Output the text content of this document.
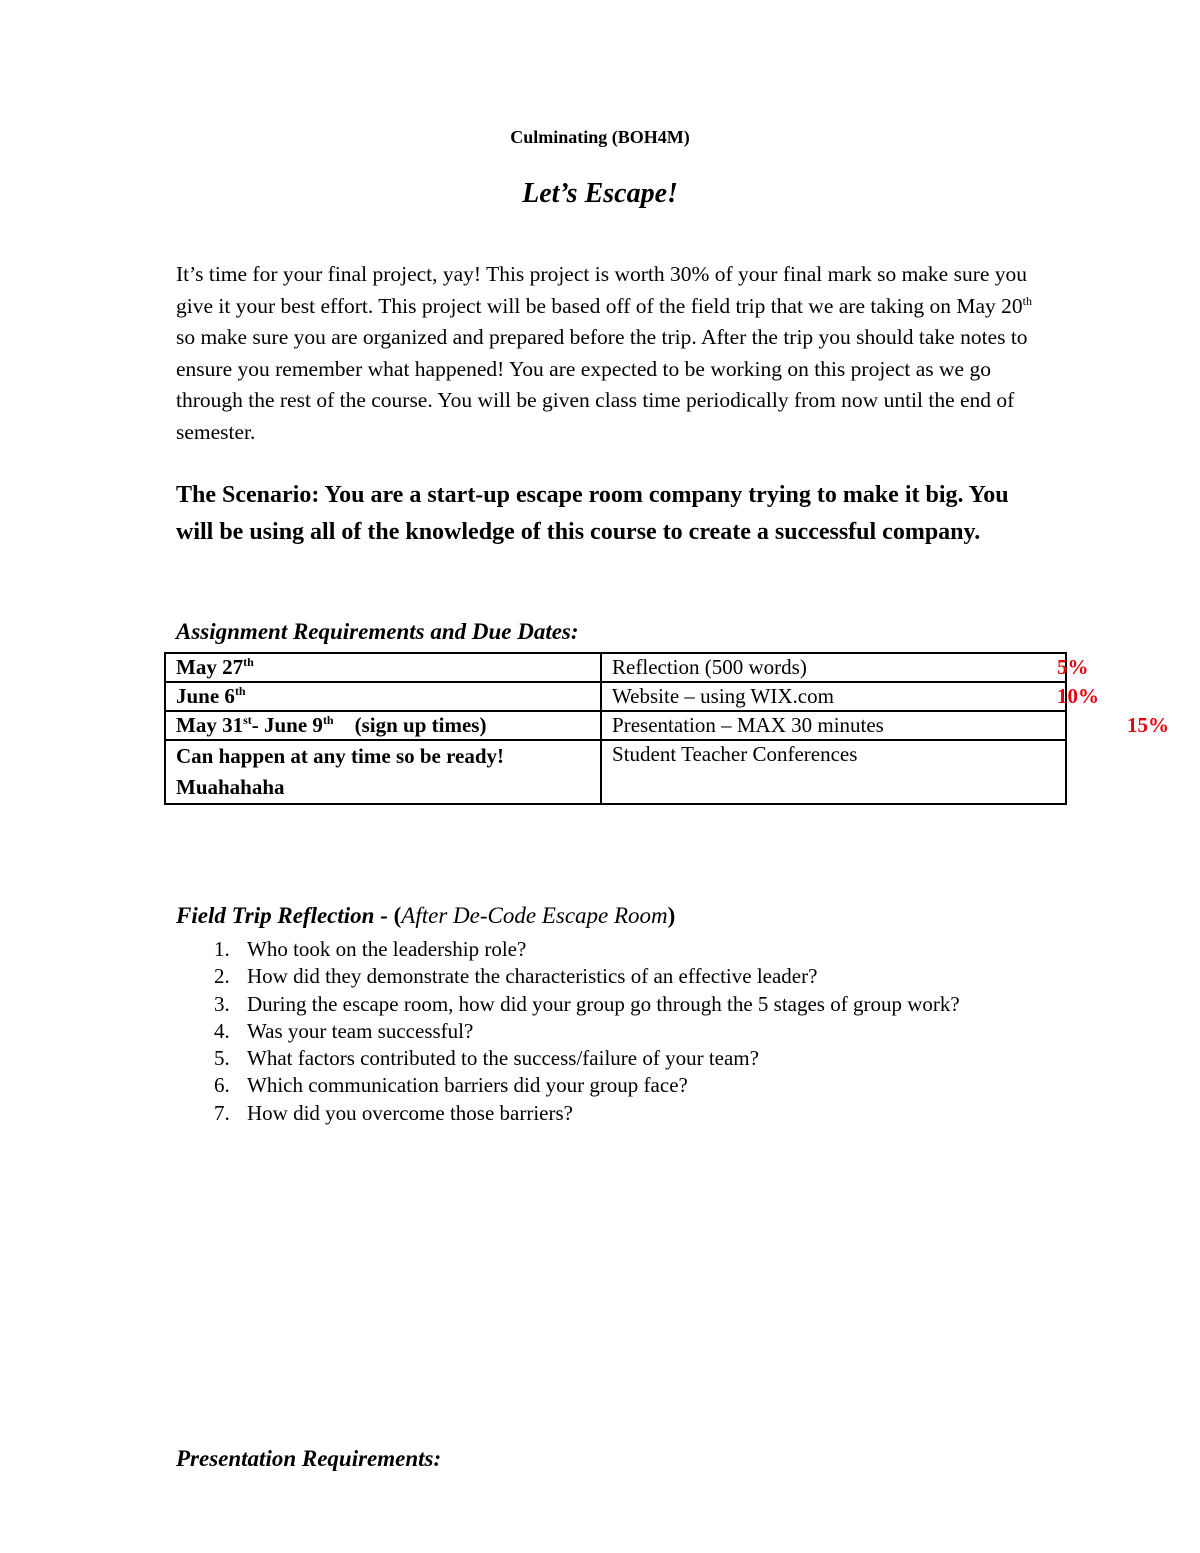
Culminating (BOH4M)
Let’s Escape!

It’s time for your final project, yay! This project is worth 30% of your final mark so make sure you give it your best effort. This project will be based off of the field trip that we are taking on May 20th so make sure you are organized and prepared before the trip. After the trip you should take notes to ensure you remember what happened! You are expected to be working on this project as we go through the rest of the course. You will be given class time periodically from now until the end of semester.

The Scenario: You are a start-up escape room company trying to make it big. You will be using all of the knowledge of this course to create a successful company.
Assignment Requirements and Due Dates:
May 27th	Reflection (500 words) 5%

June 6th	Website – using WIX.com 10%

May 31st- June 9th    (sign up times)	Presentation – MAX 30 minutes 15%

Can happen at any time so be ready! Muahahaha	Student Teacher Conferences
Field Trip Reflection - (After De-Code Escape Room)
1. Who took on the leadership role?
2. How did they demonstrate the characteristics of an effective leader?
3. During the escape room, how did your group go through the 5 stages of group work?
4. Was your team successful?
5. What factors contributed to the success/failure of your team?
6. Which communication barriers did your group face?
7. How did you overcome those barriers?
Presentation Requirements:
